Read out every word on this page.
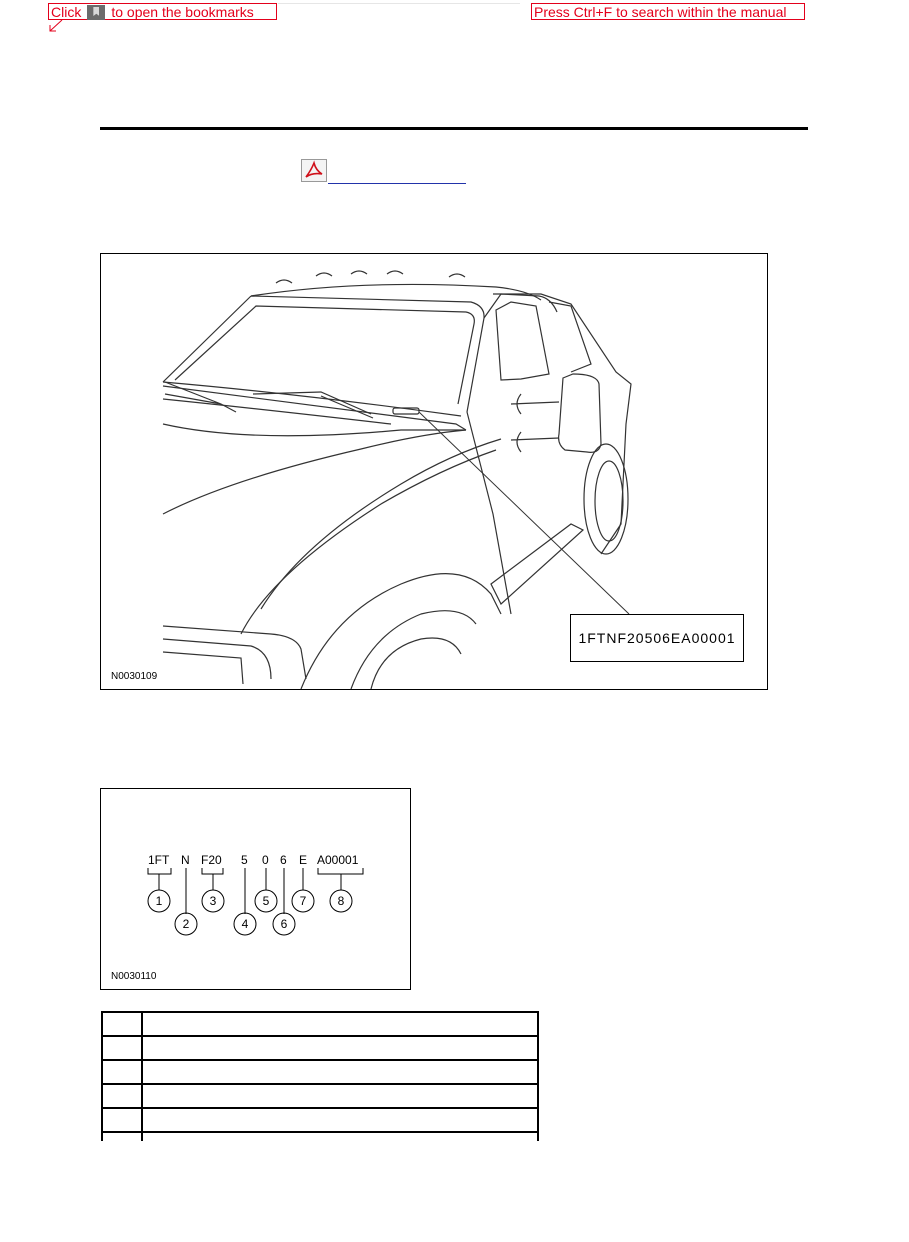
Click to open the bookmarks	Press Ctrl+F to search within the manual
1FTNF20506EA00001
N0030109
1FT N F20 5 0 6 E A00001
1
2
3
4
5
6
7	8
N0030110
